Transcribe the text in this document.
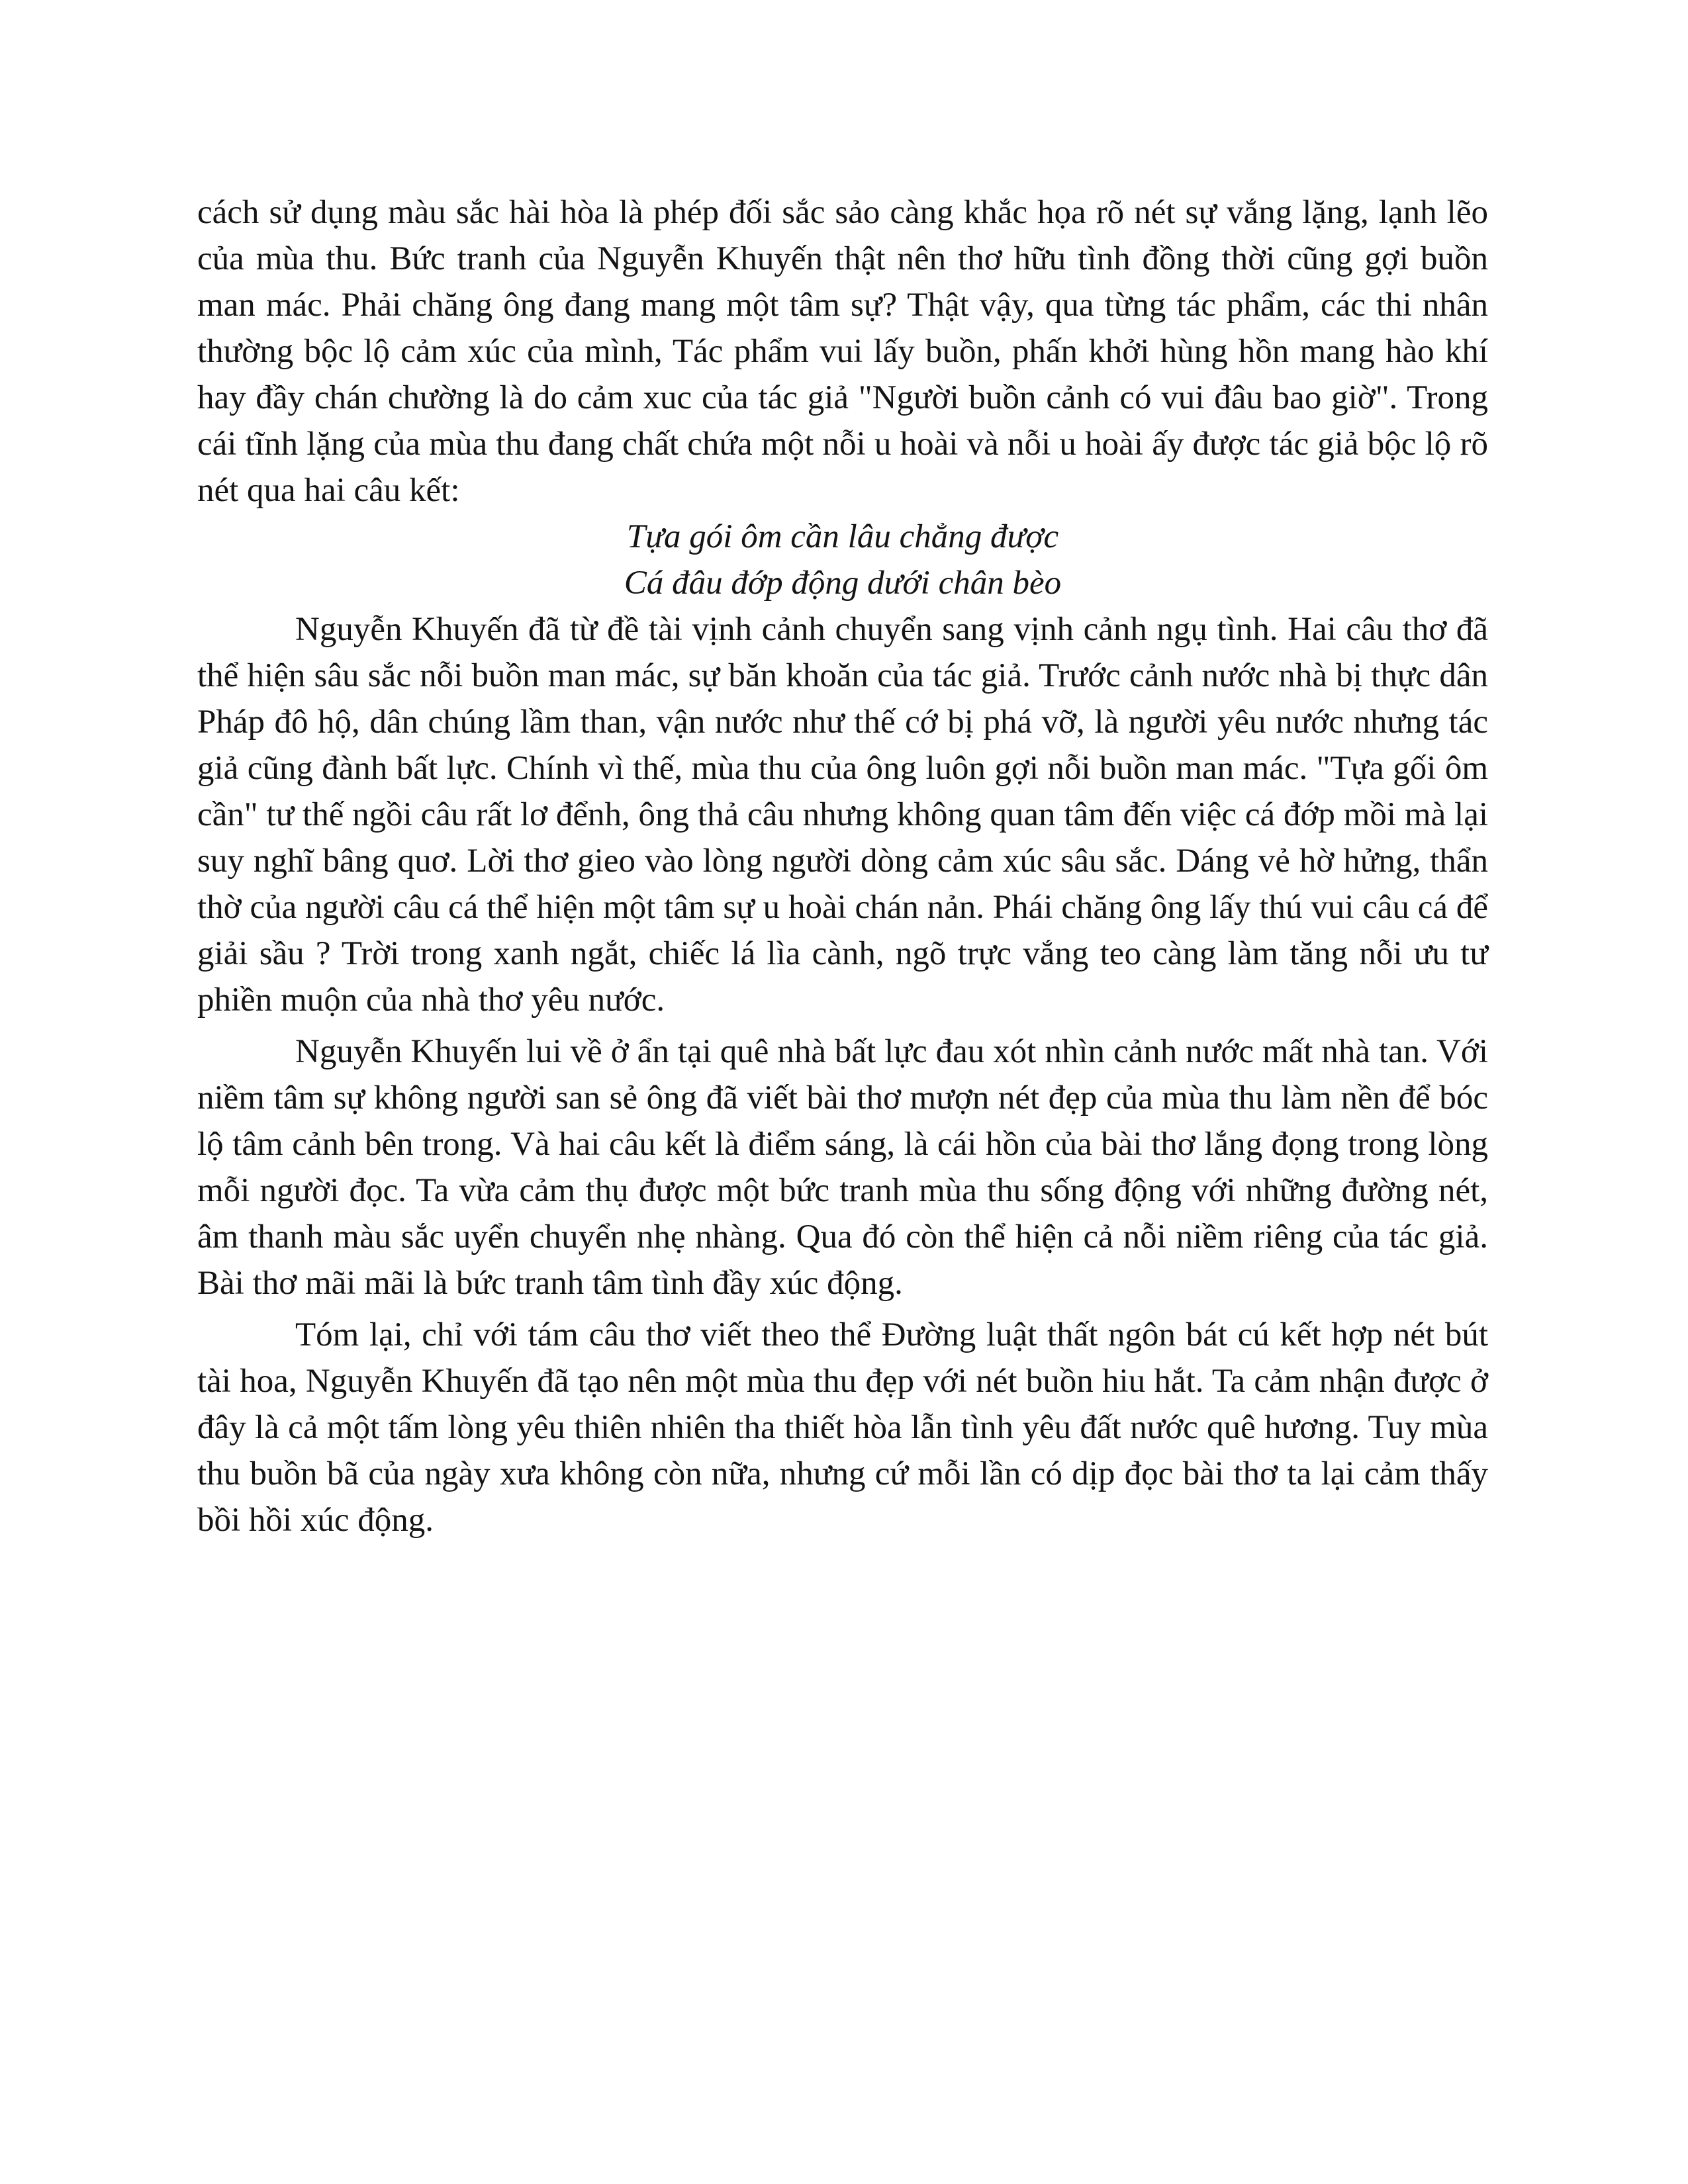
cách sử dụng màu sắc hài hòa là phép đối sắc sảo càng khắc họa rõ nét sự vắng lặng, lạnh lẽo của mùa thu. Bức tranh của Nguyễn Khuyến thật nên thơ hữu tình đồng thời cũng gợi buồn man mác. Phải chăng ông đang mang một tâm sự? Thật vậy, qua từng tác phẩm, các thi nhân thường bộc lộ cảm xúc của mình, Tác phẩm vui lấy buồn, phấn khởi hùng hồn mang hào khí hay đầy chán chường là do cảm xuc của tác giả "Người buồn cảnh có vui đâu bao giờ". Trong cái tĩnh lặng của mùa thu đang chất chứa một nỗi u hoài và nỗi u hoài ấy được tác giả bộc lộ rõ nét qua hai câu kết:

Tựa gói ôm cần lâu chẳng được

Cá đâu đớp động dưới chân bèo

Nguyễn Khuyến đã từ đề tài vịnh cảnh chuyển sang vịnh cảnh ngụ tình. Hai câu thơ đã thể hiện sâu sắc nỗi buồn man mác, sự băn khoăn của tác giả. Trước cảnh nước nhà bị thực dân Pháp đô hộ, dân chúng lầm than, vận nước như thế cớ bị phá vỡ, là người yêu nước nhưng tác giả cũng đành bất lực. Chính vì thế, mùa thu của ông luôn gợi nỗi buồn man mác. "Tựa gối ôm cần" tư thế ngồi câu rất lơ đểnh, ông thả câu nhưng không quan tâm đến việc cá đớp mồi mà lại suy nghĩ bâng quơ. Lời thơ gieo vào lòng người dòng cảm xúc sâu sắc. Dáng vẻ hờ hửng, thẩn thờ của người câu cá thể hiện một tâm sự u hoài chán nản. Phái chăng ông lấy thú vui câu cá để giải sầu ? Trời trong xanh ngắt, chiếc lá lìa cành, ngõ trực vắng teo càng làm tăng nỗi ưu tư phiền muộn của nhà thơ yêu nước.

Nguyễn Khuyến lui về ở ẩn tại quê nhà bất lực đau xót nhìn cảnh nước mất nhà tan. Với niềm tâm sự không người san sẻ ông đã viết bài thơ mượn nét đẹp của mùa thu làm nền để bóc lộ tâm cảnh bên trong. Và hai câu kết là điểm sáng, là cái hồn của bài thơ lắng đọng trong lòng mỗi người đọc. Ta vừa cảm thụ được một bức tranh mùa thu sống động với những đường nét, âm thanh màu sắc uyển chuyển nhẹ nhàng. Qua đó còn thể hiện cả nỗi niềm riêng của tác giả. Bài thơ mãi mãi là bức tranh tâm tình đầy xúc động.

Tóm lại, chỉ với tám câu thơ viết theo thể Đường luật thất ngôn bát cú kết hợp nét bút tài hoa, Nguyễn Khuyến đã tạo nên một mùa thu đẹp với nét buồn hiu hắt. Ta cảm nhận được ở đây là cả một tấm lòng yêu thiên nhiên tha thiết hòa lẫn tình yêu đất nước quê hương. Tuy mùa thu buồn bã của ngày xưa không còn nữa, nhưng cứ mỗi lần có dịp đọc bài thơ ta lại cảm thấy bồi hồi xúc động.
